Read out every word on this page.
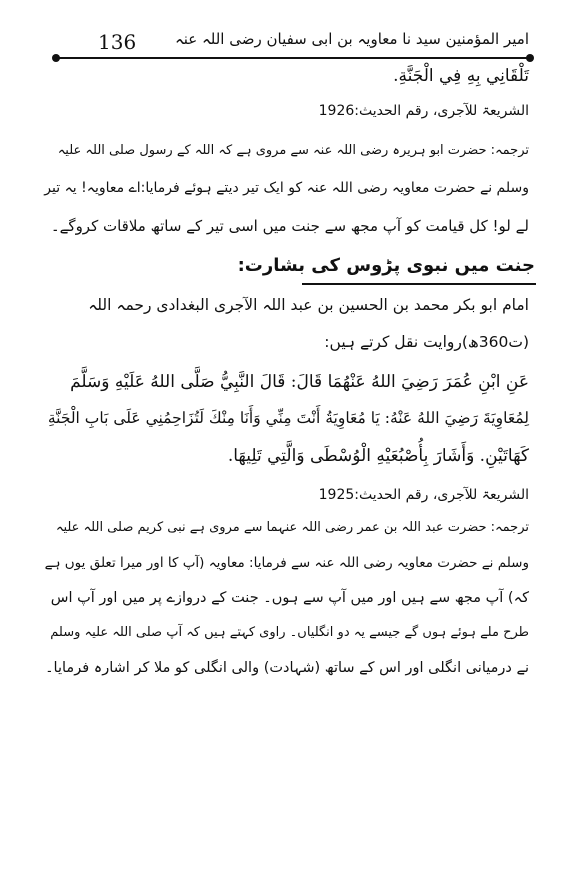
136	امیر المؤمنین سید نا معاویہ بن ابی سفیان رضی اللہ عنہ
تَلْقَانِي بِهِ فِي الْجَنَّةِ.
الشریعۃ للآجری، رقم الحدیث:1926
ترجمہ: حضرت ابو ہریرہ رضی اللہ عنہ سے مروی ہے کہ اللہ کے رسول صلی اللہ علیہ
وسلم نے حضرت معاویہ رضی اللہ عنہ کو ایک تیر دیتے ہوئے فرمایا:اے معاویہ! یہ تیر
لے لو! کل قیامت کو آپ مجھ سے جنت میں اسی تیر کے ساتھ ملاقات کروگے۔
جنت میں نبوی پڑوس کی بشارت:
امام ابو بکر محمد بن الحسین بن عبد اللہ الآجری البغدادی رحمہ اللہ
(ت360ھ)روایت نقل کرتے ہیں:
عَنِ ابْنِ عُمَرَ رَضِيَ اللهُ عَنْهُمَا قَالَ: قَالَ النَّبِيُّ صَلَّى اللهُ عَلَيْهِ وَسَلَّمَ
لِمُعَاوِيَةَ رَضِيَ اللهُ عَنْهُ: يَا مُعَاوِيَةُ أَنْتَ مِنِّي وَأَنَا مِنْكَ لَتُزَاحِمُنِي عَلَى بَابِ الْجَنَّةِ
كَهَاتَيْنِ. وَأَشَارَ بِأُصْبُعَيْهِ الْوُسْطَى وَالَّتِي تَلِيهَا.
الشریعۃ للآجری، رقم الحدیث:1925
ترجمہ: حضرت عبد اللہ بن عمر رضی اللہ عنہما سے مروی ہے نبی کریم صلی اللہ علیہ
وسلم نے حضرت معاویہ رضی اللہ عنہ سے فرمایا: معاویہ (آپ کا اور میرا تعلق یوں ہے
کہ) آپ مجھ سے ہیں اور میں آپ سے ہوں۔ جنت کے دروازے پر میں اور آپ اس
طرح ملے ہوئے ہوں گے جیسے یہ دو انگلیاں۔ راوی کہتے ہیں کہ آپ صلی اللہ علیہ وسلم
نے درمیانی انگلی اور اس کے ساتھ (شہادت) والی انگلی کو ملا کر اشارہ فرمایا۔
